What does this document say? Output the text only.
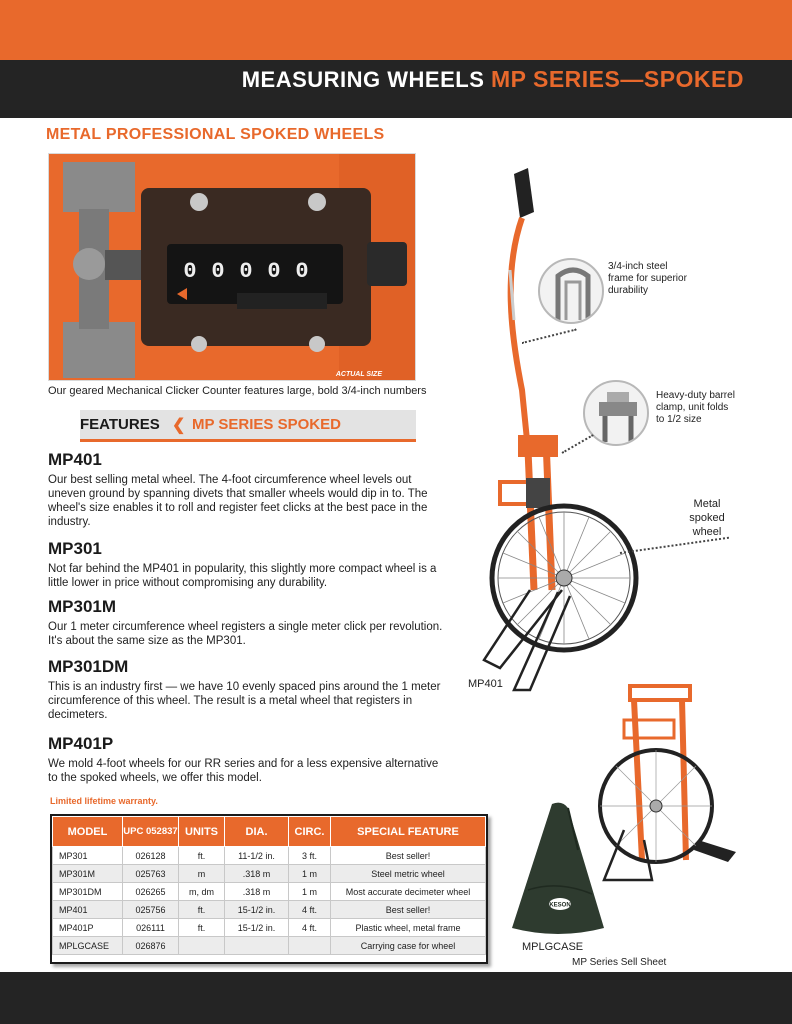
MEASURING WHEELS MP SERIES—SPOKED
METAL PROFESSIONAL SPOKED WHEELS
ACTUAL SIZE
0 0 0 0 0
Our geared Mechanical Clicker Counter features large, bold 3/4-inch numbers
FEATURES ❮ MP SERIES SPOKED
MP401

Our best selling metal wheel. The 4-foot circumference wheel levels out uneven ground by spanning divets that smaller wheels would dip in to. The wheel's size enables it to roll and register feet clicks at the best pace in the industry.

MP301

Not far behind the MP401 in popularity, this slightly more compact wheel is a little lower in price without compromising any durability.

MP301M

Our 1 meter circumference wheel registers a single meter click per revolution. It's about the same size as the MP301.

MP301DM

This is an industry first — we have 10 evenly spaced pins around the 1 meter circumference of this wheel. The result is a metal wheel that registers in decimeters.

MP401P

We mold 4-foot wheels for our RR series and for a less expensive alternative to the spoked wheels, we offer this model.

Limited lifetime warranty.
MODEL	UPC 052837	UNITS	DIA.	CIRC.	SPECIAL FEATURE
MP301	026128	ft.	11-1/2 in.	3 ft.	Best seller!
MP301M	025763	m	.318 m	1 m	Steel metric wheel
MP301DM	026265	m, dm	.318 m	1 m	Most accurate decimeter wheel
MP401	025756	ft.	15-1/2 in.	4 ft.	Best seller!
MP401P	026111	ft.	15-1/2 in.	4 ft.	Plastic wheel, metal frame
MPLGCASE	026876				Carrying case for wheel
3/4-inch steel frame for superior durability
Heavy-duty barrel clamp, unit folds to 1/2 size
Metal spoked wheel
MP401
KESON
MPLGCASE
MP Series Sell Sheet
